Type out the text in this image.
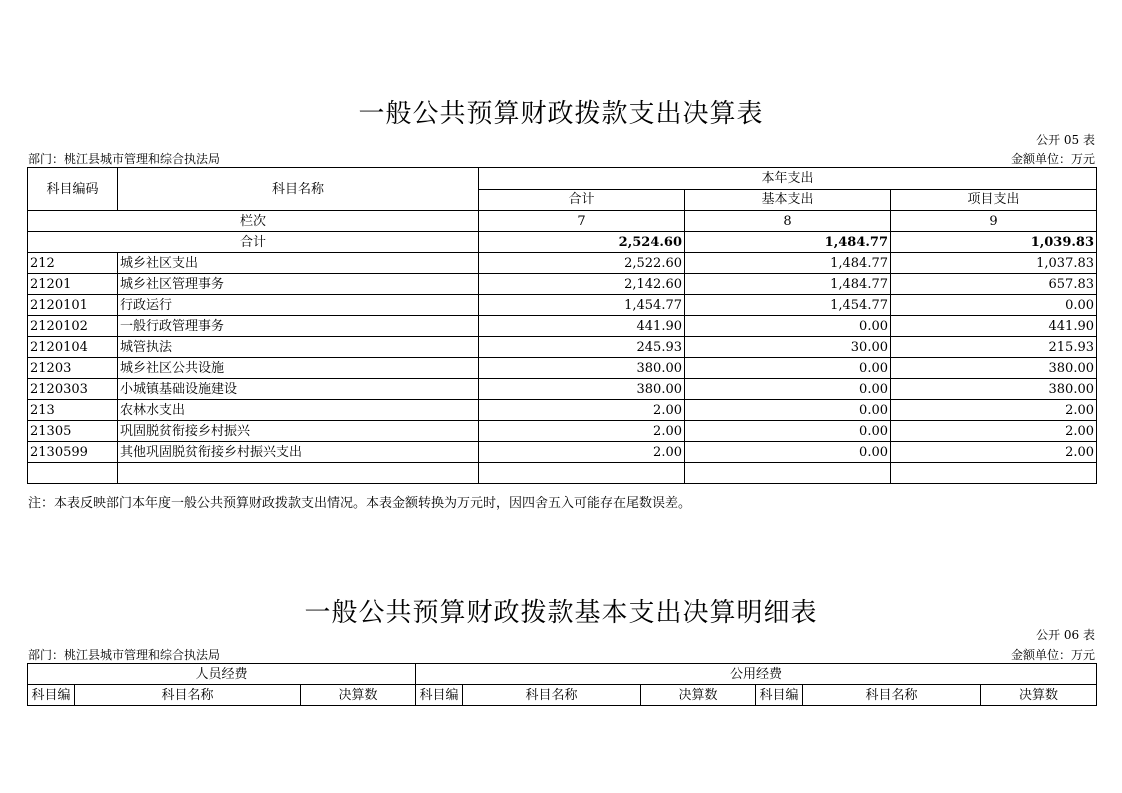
一般公共预算财政拨款支出决算表
公开 05 表
部门：桃江县城市管理和综合执法局	金额单位：万元
科目编码	科目名称	本年支出		
		合计	基本支出	项目支出
栏次		7	8	9
合计		2,524.60	1,484.77	1,039.83
212	城乡社区支出	2,522.60	1,484.77	1,037.83
21201	城乡社区管理事务	2,142.60	1,484.77	657.83
2120101	行政运行	1,454.77	1,454.77	0.00
2120102	一般行政管理事务	441.90	0.00	441.90
2120104	城管执法	245.93	30.00	215.93
21203	城乡社区公共设施	380.00	0.00	380.00
2120303	小城镇基础设施建设	380.00	0.00	380.00
213	农林水支出	2.00	0.00	2.00
21305	巩固脱贫衔接乡村振兴	2.00	0.00	2.00
2130599	其他巩固脱贫衔接乡村振兴支出	2.00	0.00	2.00

注：本表反映部门本年度一般公共预算财政拨款支出情况。本表金额转换为万元时，因四舍五入可能存在尾数误差。
一般公共预算财政拨款基本支出决算明细表
公开 06 表
部门：桃江县城市管理和综合执法局	金额单位：万元
人员经费			公用经费					
科目编	科目名称	决算数	科目编	科目名称	决算数	科目编	科目名称	决算数
